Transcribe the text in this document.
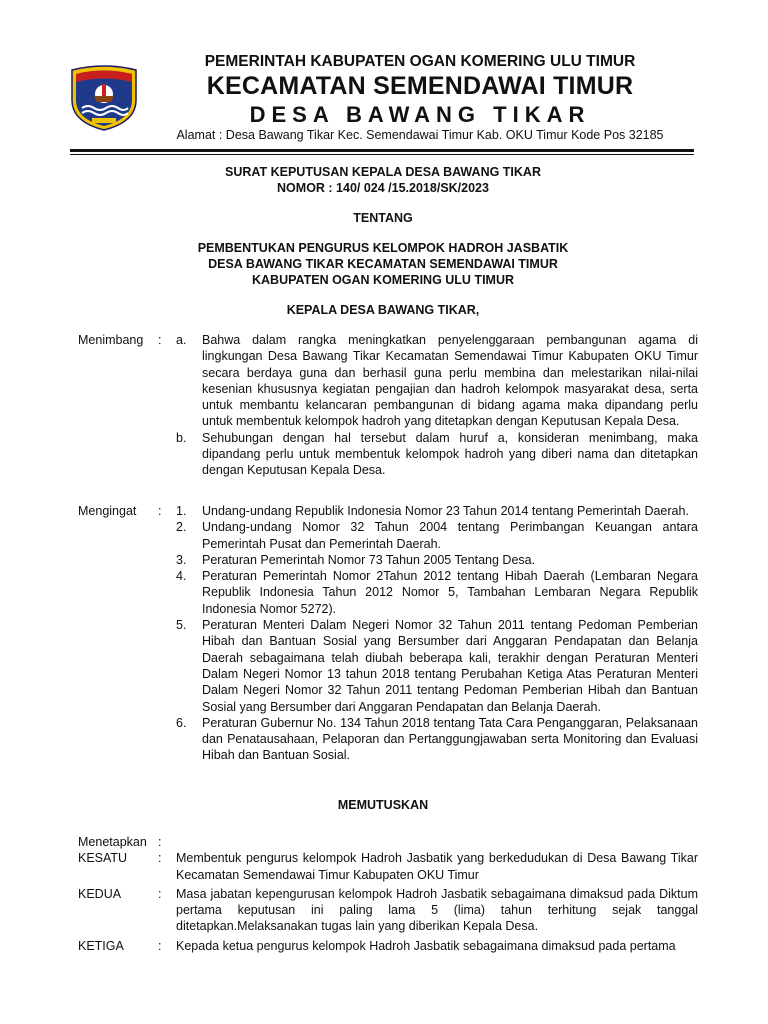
PEMERINTAH KABUPATEN OGAN KOMERING ULU TIMUR
KECAMATAN SEMENDAWAI TIMUR
DESA BAWANG TIKAR
Alamat : Desa Bawang Tikar Kec. Semendawai Timur Kab. OKU Timur Kode Pos 32185
SURAT KEPUTUSAN KEPALA DESA BAWANG TIKAR
NOMOR : 140/ 024 /15.2018/SK/2023
TENTANG
PEMBENTUKAN PENGURUS KELOMPOK HADROH JASBATIK
DESA BAWANG TIKAR KECAMATAN SEMENDAWAI TIMUR
KABUPATEN OGAN KOMERING ULU TIMUR
KEPALA DESA BAWANG TIKAR,
Menimbang	:	a.	Bahwa dalam rangka meningkatkan penyelenggaraan pembangunan agama di lingkungan Desa Bawang Tikar Kecamatan Semendawai Timur Kabupaten OKU Timur secara berdaya guna dan berhasil guna perlu membina dan melestarikan nilai-nilai kesenian khususnya kegiatan pengajian dan hadroh kelompok masyarakat desa, serta untuk membantu kelancaran pembangunan di bidang agama maka dipandang perlu untuk membentuk kelompok hadroh yang ditetapkan dengan Keputusan Kepala Desa.
b.	Sehubungan dengan hal tersebut dalam huruf a, konsideran menimbang, maka dipandang perlu untuk membentuk kelompok hadroh yang diberi nama dan ditetapkan dengan Keputusan Kepala Desa.
Mengingat	:	1.	Undang-undang Republik Indonesia Nomor 23 Tahun 2014 tentang Pemerintah Daerah.
2.	Undang-undang Nomor 32 Tahun 2004 tentang Perimbangan Keuangan antara Pemerintah Pusat dan Pemerintah Daerah.
3.	Peraturan Pemerintah Nomor 73 Tahun 2005 Tentang Desa.
4.	Peraturan Pemerintah Nomor 2Tahun 2012 tentang Hibah Daerah (Lembaran Negara Republik Indonesia Tahun 2012 Nomor 5, Tambahan Lembaran Negara Republik Indonesia Nomor 5272).
5.	Peraturan Menteri Dalam Negeri Nomor 32 Tahun 2011 tentang Pedoman Pemberian Hibah dan Bantuan Sosial yang Bersumber dari Anggaran Pendapatan dan Belanja Daerah sebagaimana telah diubah beberapa kali, terakhir dengan Peraturan Menteri Dalam Negeri Nomor 13 tahun 2018 tentang Perubahan Ketiga Atas Peraturan Menteri Dalam Negeri Nomor 32 Tahun 2011 tentang Pedoman Pemberian Hibah dan Bantuan Sosial yang Bersumber dari Anggaran Pendapatan dan Belanja Daerah.
6.	Peraturan Gubernur No. 134 Tahun 2018 tentang Tata Cara Penganggaran, Pelaksanaan dan Penatausahaan, Pelaporan dan Pertanggungjawaban serta Monitoring dan Evaluasi Hibah dan Bantuan Sosial.
MEMUTUSKAN
Menetapkan :
KESATU	:	Membentuk pengurus kelompok Hadroh Jasbatik yang berkedudukan di Desa Bawang Tikar Kecamatan Semendawai Timur Kabupaten OKU Timur
KEDUA	:	Masa jabatan kepengurusan kelompok Hadroh Jasbatik sebagaimana dimaksud pada Diktum pertama keputusan ini paling lama 5 (lima) tahun terhitung sejak tanggal ditetapkan.Melaksanakan tugas lain yang diberikan Kepala Desa.
KETIGA	:	Kepada ketua pengurus kelompok Hadroh Jasbatik sebagaimana dimaksud pada pertama
